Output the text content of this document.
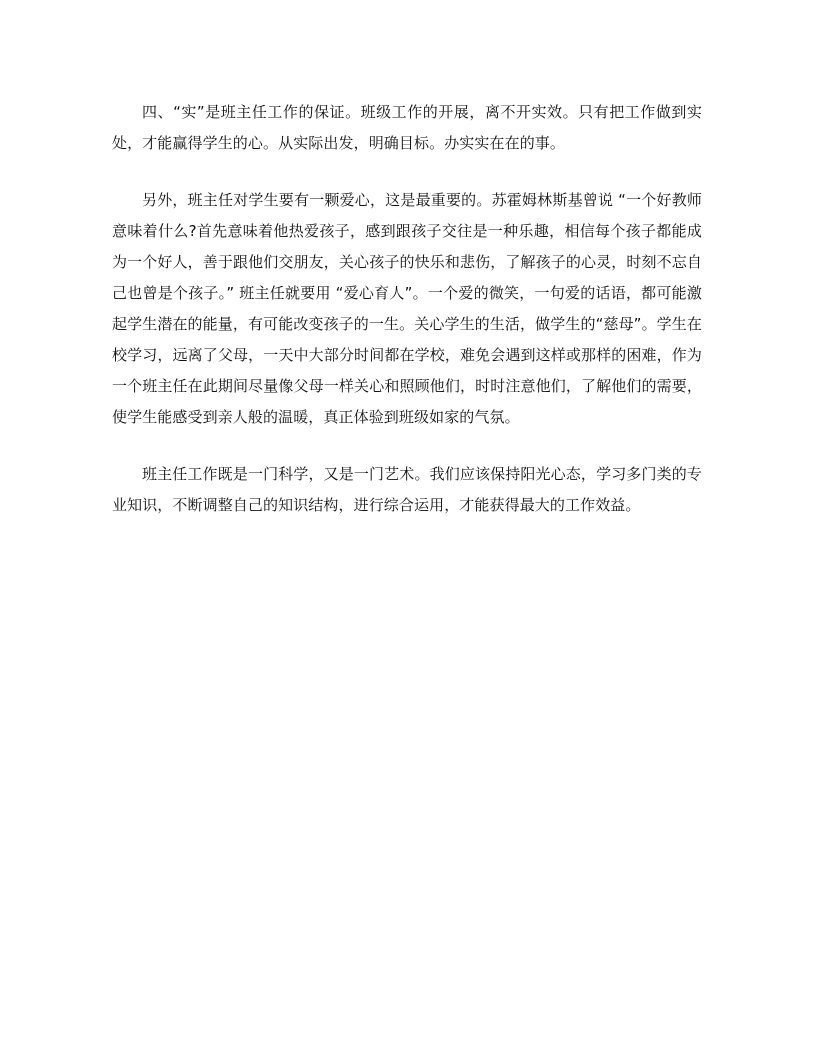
四、“实”是班主任工作的保证。班级工作的开展，离不开实效。只有把工作做到实处，才能赢得学生的心。从实际出发，明确目标。办实实在在的事。

另外，班主任对学生要有一颗爱心，这是最重要的。苏霍姆林斯基曾说 “一个好教师意味着什么?首先意味着他热爱孩子，感到跟孩子交往是一种乐趣，相信每个孩子都能成为一个好人，善于跟他们交朋友，关心孩子的快乐和悲伤，了解孩子的心灵，时刻不忘自己也曾是个孩子。” 班主任就要用 “爱心育人”。一个爱的微笑，一句爱的话语，都可能激起学生潜在的能量，有可能改变孩子的一生。关心学生的生活，做学生的“慈母”。学生在校学习，远离了父母，一天中大部分时间都在学校，难免会遇到这样或那样的困难，作为一个班主任在此期间尽量像父母一样关心和照顾他们，时时注意他们，了解他们的需要，使学生能感受到亲人般的温暖，真正体验到班级如家的气氛。

班主任工作既是一门科学，又是一门艺术。我们应该保持阳光心态，学习多门类的专业知识，不断调整自己的知识结构，进行综合运用，才能获得最大的工作效益。
